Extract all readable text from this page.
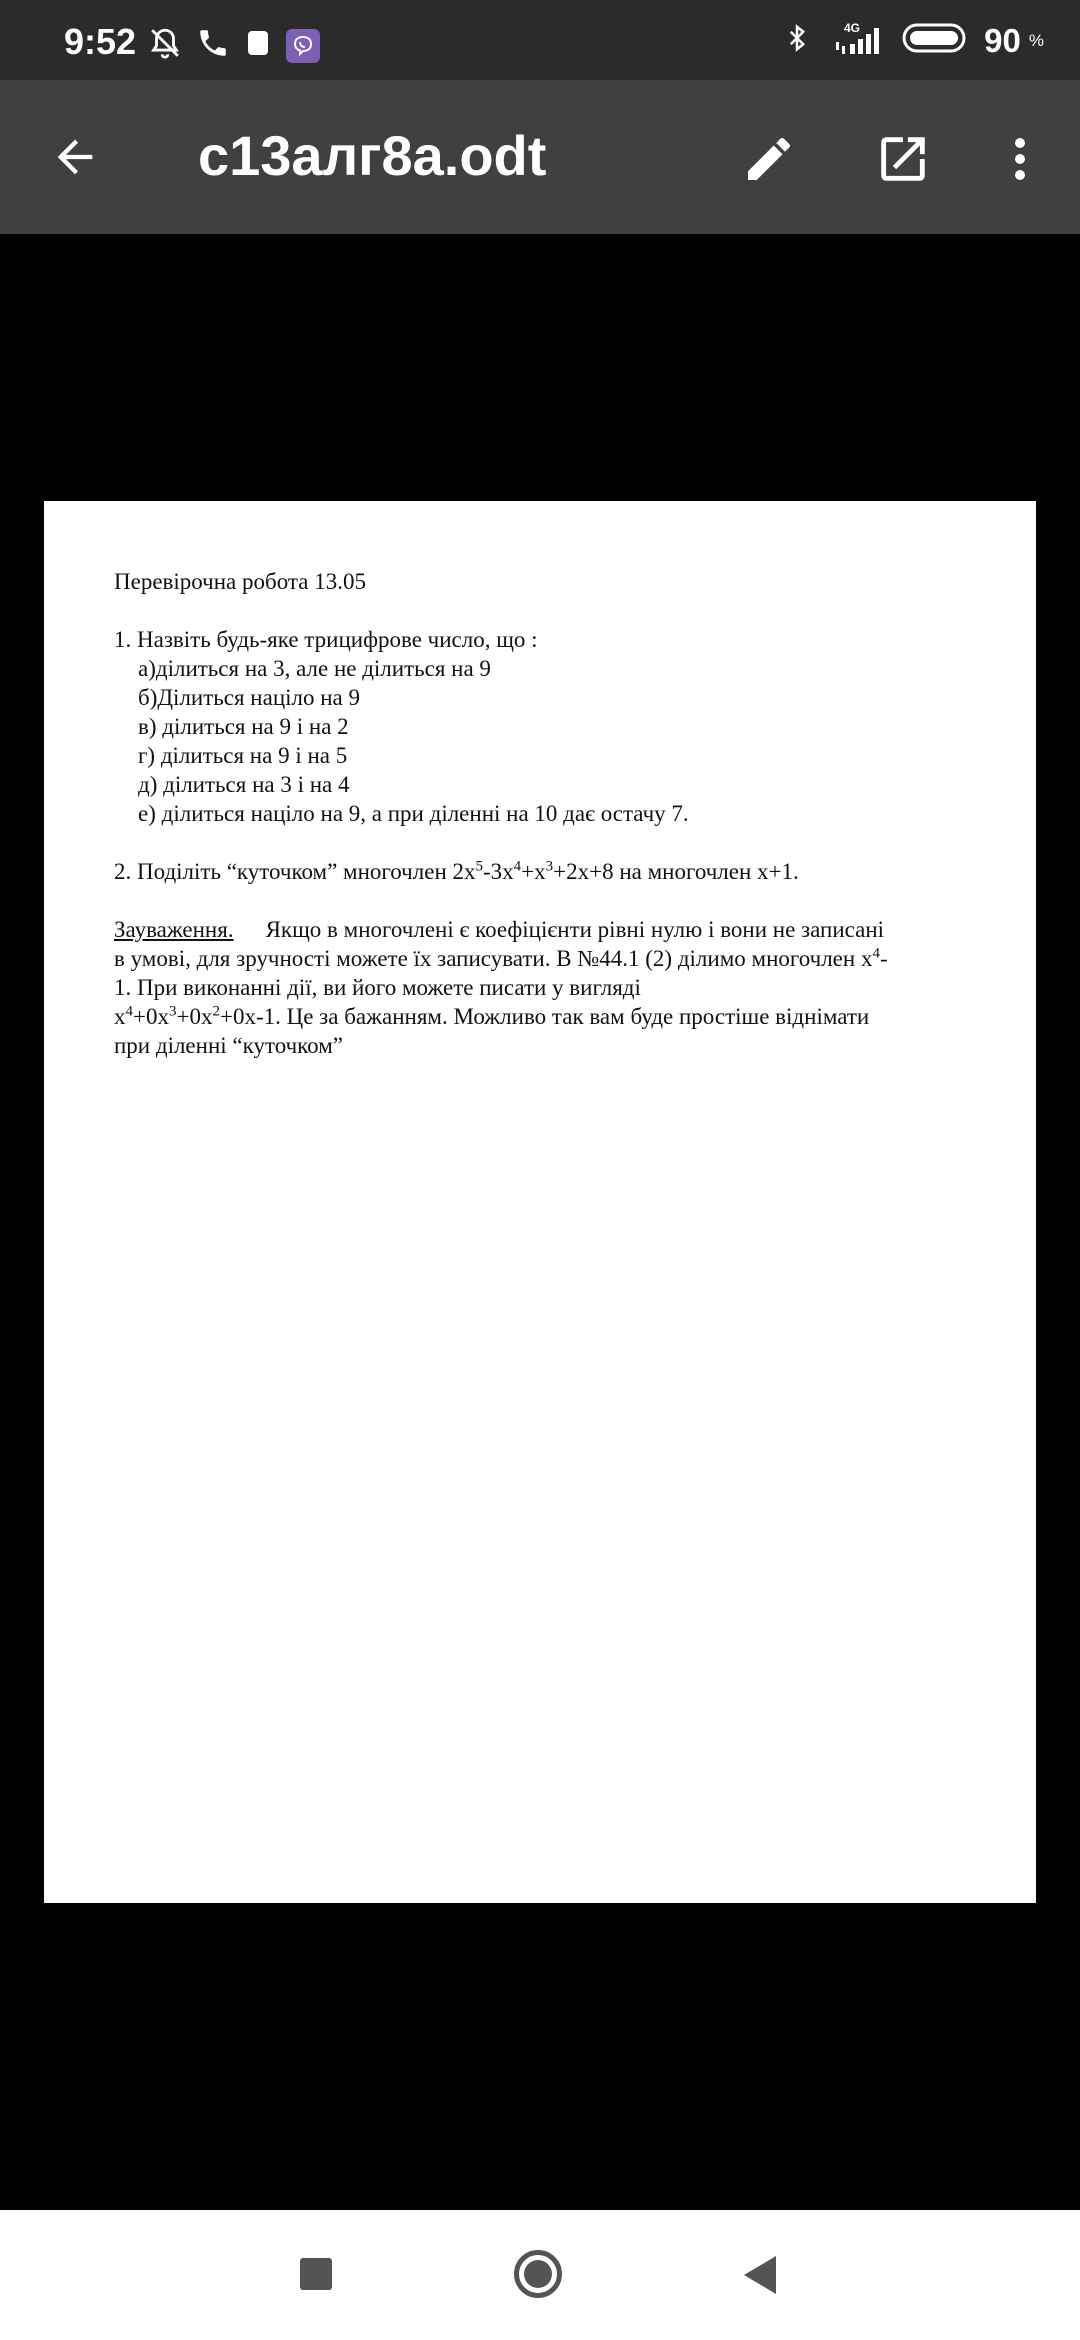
9:52	4G	90 %
c13алг8a.odt

Перевірочна робота 13.05

1. Назвіть будь-яке трицифрове число, що :

а)ділиться на 3, але не ділиться на 9

б)Ділиться націло на 9

в) ділиться на 9 і на 2

г) ділиться на 9 і на 5

д) ділиться на 3 і на 4

е) ділиться націло на 9, а при діленні на 10 дає остачу 7.

2. Поділіть “куточком” многочлен $2x^5-3x^4+x^3+2x+8$ на многочлен x+1.

Зауваження. Якщо в многочлені є коефіцієнти рівні нулю і вони не записані

в умові, для зручності можете їх записувати. В №44.1 (2) ділимо многочлен $x^4-$

1. При виконанні дії, ви його можете писати у вигляді

$x^4+0x^3+0x^2+0x-1$. Це за бажанням. Можливо так вам буде простіше віднімати

при діленні “куточком”
